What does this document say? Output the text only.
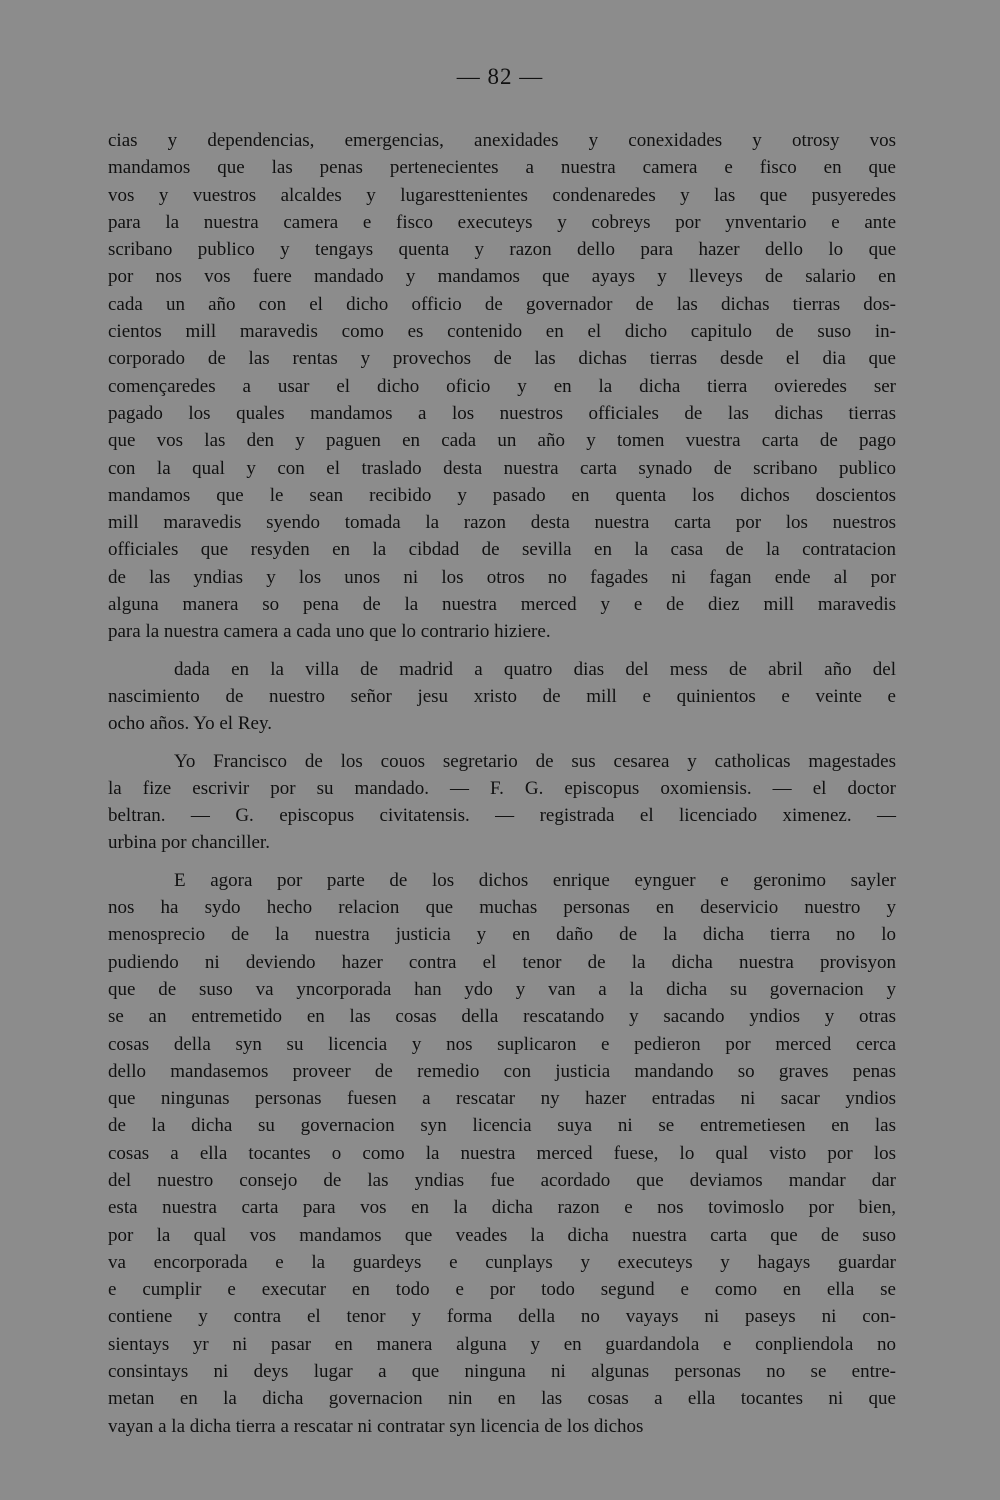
— 82 —
cias y dependencias, emergencias, anexidades y conexidades y otrosy vos
mandamos que las penas pertenecientes a nuestra camera e fisco en que
vos y vuestros alcaldes y lugaresttenientes condenaredes y las que pusyeredes
para la nuestra camera e fisco executeys y cobreys por ynventario e ante
scribano publico y tengays quenta y razon dello para hazer dello lo que
por nos vos fuere mandado y mandamos que ayays y lleveys de salario en
cada un año con el dicho officio de governador de las dichas tierras dos-
cientos mill maravedis como es contenido en el dicho capitulo de suso in-
corporado de las rentas y provechos de las dichas tierras desde el dia que
començaredes a usar el dicho oficio y en la dicha tierra ovieredes ser
pagado los quales mandamos a los nuestros officiales de las dichas tierras
que vos las den y paguen en cada un año y tomen vuestra carta de pago
con la qual y con el traslado desta nuestra carta synado de scribano publico
mandamos que le sean recibido y pasado en quenta los dichos doscientos
mill maravedis syendo tomada la razon desta nuestra carta por los nuestros
officiales que resyden en la cibdad de sevilla en la casa de la contratacion
de las yndias y los unos ni los otros no fagades ni fagan ende al por
alguna manera so pena de la nuestra merced y e de diez mill maravedis
para la nuestra camera a cada uno que lo contrario hiziere.
dada en la villa de madrid a quatro dias del mess de abril año del
nascimiento de nuestro señor jesu xristo de mill e quinientos e veinte e
ocho años. Yo el Rey.
Yo Francisco de los couos segretario de sus cesarea y catholicas magestades
la fize escrivir por su mandado. — F. G. episcopus oxomiensis. — el doctor
beltran. — G. episcopus civitatensis. — registrada el licenciado ximenez. —
urbina por chanciller.
E agora por parte de los dichos enrique eynguer e geronimo sayler
nos ha sydo hecho relacion que muchas personas en deservicio nuestro y
menosprecio de la nuestra justicia y en daño de la dicha tierra no lo
pudiendo ni deviendo hazer contra el tenor de la dicha nuestra provisyon
que de suso va yncorporada han ydo y van a la dicha su governacion y
se an entremetido en las cosas della rescatando y sacando yndios y otras
cosas della syn su licencia y nos suplicaron e pedieron por merced cerca
dello mandasemos proveer de remedio con justicia mandando so graves penas
que ningunas personas fuesen a rescatar ny hazer entradas ni sacar yndios
de la dicha su governacion syn licencia suya ni se entremetiesen en las
cosas a ella tocantes o como la nuestra merced fuese, lo qual visto por los
del nuestro consejo de las yndias fue acordado que deviamos mandar dar
esta nuestra carta para vos en la dicha razon e nos tovimoslo por bien,
por la qual vos mandamos que veades la dicha nuestra carta que de suso
va encorporada e la guardeys e cunplays y executeys y hagays guardar
e cumplir e executar en todo e por todo segund e como en ella se
contiene y contra el tenor y forma della no vayays ni paseys ni con-
sientays yr ni pasar en manera alguna y en guardandola e conpliendola no
consintays ni deys lugar a que ninguna ni algunas personas no se entre-
metan en la dicha governacion nin en las cosas a ella tocantes ni que
vayan a la dicha tierra a rescatar ni contratar syn licencia de los dichos
